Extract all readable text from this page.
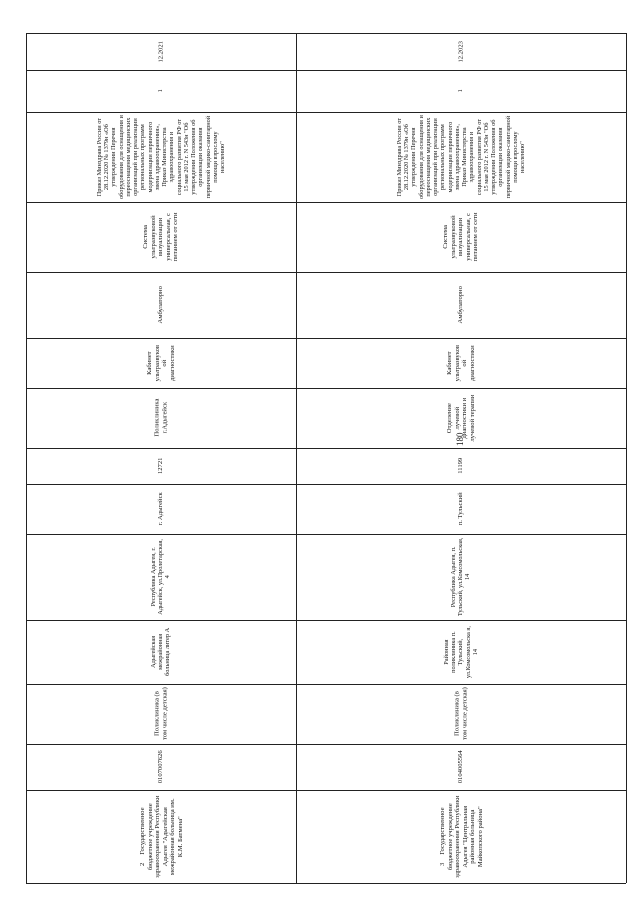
180
12.2021
1
Приказ Минздрава России от 28.12.2020 № 1379н «Об утверждении Перечня оборудования для оснащения и переоснащения медицинских организаций при реализации региональных программ модернизации первичного звена здравоохранения», Приказ Министерства здравоохранения и социального развития РФ от 15 мая 2012 г. N 543н "Об утверждении Положения об организации оказания первичной медико-санитарной помощи взрослому населению"
Система ультразвуковой визуализации универсальная, с питанием от сети
Амбулаторно
Кабинет ультразвуков ой диагностики
Поликлиника г.Адыгейск
12721
г. Адыгейск
Республика Адыгея, г. Адыгейск, ул.Пролетарская, 4
Адыгейская межрайонная больница литер А
Поликлиника (в том числе детская)
0107007626
2Государственное бюджетное учреждение здравоохранения Республики Адыгея "Адыгейская межрайонная больница им. К.М. Батмена"
12.2023
1
Приказ Минздрава России от 28.12.2020 № 1379н «Об утверждении Перечня оборудования для оснащения и переоснащения медицинских организаций при реализации региональных программ модернизации первичного звена здравоохранения», Приказ Министерства здравоохранения и социального развития РФ от 15 мая 2012 г. N 543н "Об утверждении Положения об организации оказания первичной медико-санитарной помощи взрослому населению"
Система ультразвуковой визуализации универсальная, с питанием от сети
Амбулаторно
Кабинет ультразвуков ой диагностики
Отделение лучевой диагностики и лучевой терапии
11199
п. Тульский
Республика Адыгея, п. Тульский, ул.Комсомольская, 14
Районная поликлиника п. Тульский, ул.Комсомольска я, 14
Поликлиника (в том числе детская)
0104005564
3Государственное бюджетное учреждение здравоохранения Республики Адыгея "Центральная районная больница Майкопского района"
